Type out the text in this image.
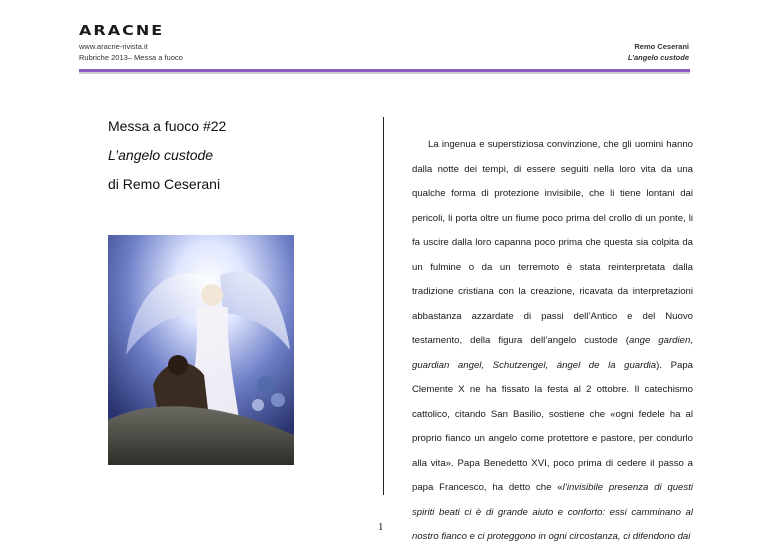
ARACNE
www.aracne-rivista.it
Rubriche 2013– Messa a fuoco
Remo Ceserani
L’angelo custode
Messa a fuoco #22
L’angelo custode
di Remo Ceserani

La ingenua e superstiziosa convinzione, che gli uomini hanno dalla notte dei tempi, di essere seguiti nella loro vita da una qualche forma di protezione invisibile, che li tiene lontani dai pericoli, li porta oltre un fiume poco prima del crollo di un ponte, li fa uscire dalla loro capanna poco prima che questa sia colpita da un fulmine o da un terremoto è stata reinterpretata dalla tradizione cristiana con la creazione, ricavata da interpretazioni abbastanza azzardate di passi dell’Antico e del Nuovo testamento, della figura dell’angelo custode (ange gardien, guardian angel, Schutzengel, ángel de la guardia). Papa Clemente X ne ha fissato la festa al 2 ottobre. Il catechismo cattolico, citando San Basilio, sostiene che «ogni fedele ha al proprio fianco un angelo come protettore e pastore, per condurlo alla vita». Papa Benedetto XVI, poco prima di cedere il passo a papa Francesco, ha detto che «l’invisibile presenza di questi spiriti beati ci è di grande aiuto e conforto: essi camminano al nostro fianco e ci proteggono in ogni circostanza, ci difendono dai

1
